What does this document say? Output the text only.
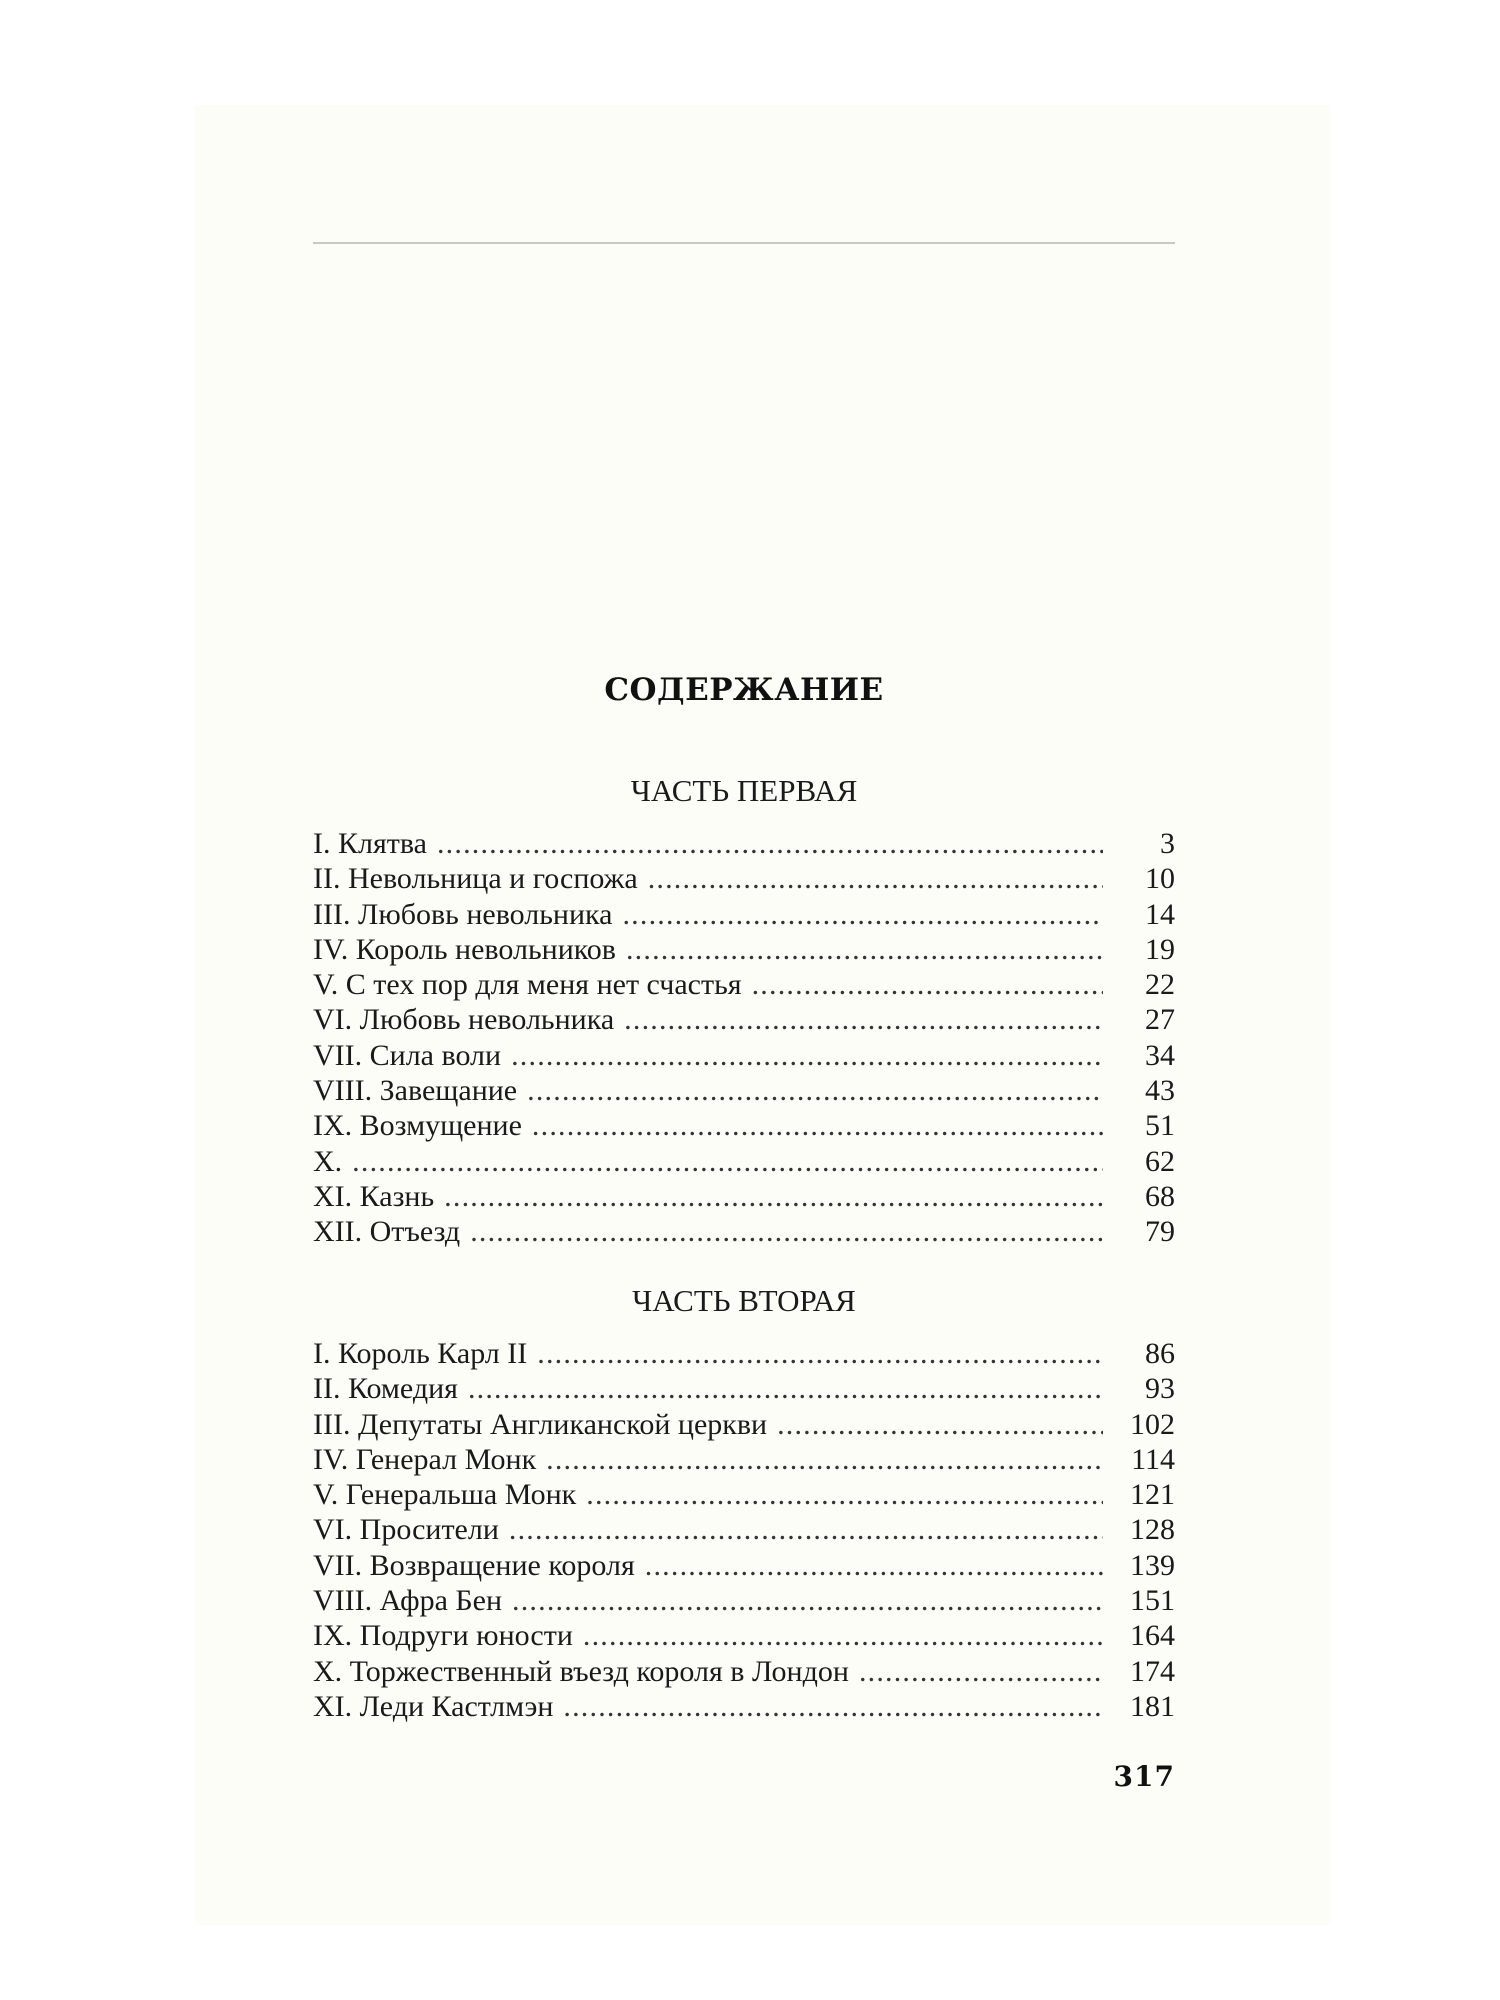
СОДЕРЖАНИЕ
ЧАСТЬ ПЕРВАЯ
I. Клятва .....	3
II. Невольница и госпожа .....	10
III. Любовь невольника .....	14
IV. Король невольников .....	19
V. С тех пор для меня нет счастья .....	22
VI. Любовь невольника .....	27
VII. Сила воли .....	34
VIII. Завещание .....	43
IX. Возмущение .....	51
X. .....	62
XI. Казнь .....	68
XII. Отъезд .....	79
ЧАСТЬ ВТОРАЯ
I. Король Карл II .....	86
II. Комедия .....	93
III. Депутаты Англиканской церкви .....	102
IV. Генерал Монк .....	114
V. Генеральша Монк .....	121
VI. Просители .....	128
VII. Возвращение короля .....	139
VIII. Афра Бен .....	151
IX. Подруги юности .....	164
X. Торжественный въезд короля в Лондон .....	174
XI. Леди Кастлмэн .....	181
317
